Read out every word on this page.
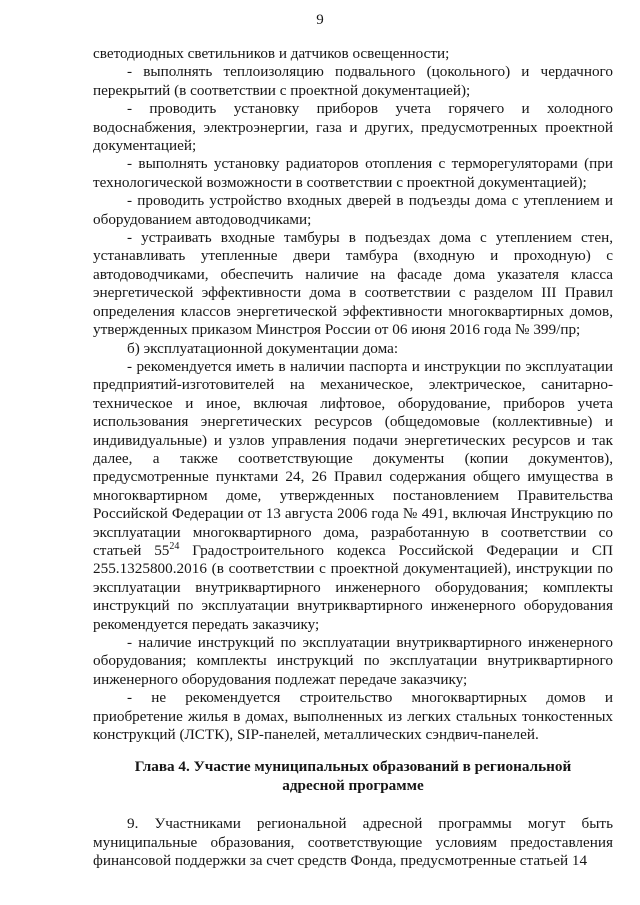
9

светодиодных светильников и датчиков освещенности;

- выполнять теплоизоляцию подвального (цокольного) и чердачного перекрытий (в соответствии с проектной документацией);

- проводить установку приборов учета горячего и холодного водоснабжения, электроэнергии, газа и других, предусмотренных проектной документацией;

- выполнять установку радиаторов отопления с терморегуляторами (при технологической возможности в соответствии с проектной документацией);

- проводить устройство входных дверей в подъезды дома с утеплением и оборудованием автодоводчиками;

- устраивать входные тамбуры в подъездах дома с утеплением стен, устанавливать утепленные двери тамбура (входную и проходную) с автодоводчиками, обеспечить наличие на фасаде дома указателя класса энергетической эффективности дома в соответствии с разделом III Правил определения классов энергетической эффективности многоквартирных домов, утвержденных приказом Минстроя России от 06 июня 2016 года № 399/пр;

б) эксплуатационной документации дома:

- рекомендуется иметь в наличии паспорта и инструкции по эксплуатации предприятий-изготовителей на механическое, электрическое, санитарно-техническое и иное, включая лифтовое, оборудование, приборов учета использования энергетических ресурсов (общедомовые (коллективные) и индивидуальные) и узлов управления подачи энергетических ресурсов и так далее, а также соответствующие документы (копии документов), предусмотренные пунктами 24, 26 Правил содержания общего имущества в многоквартирном доме, утвержденных постановлением Правительства Российской Федерации от 13 августа 2006 года № 491, включая Инструкцию по эксплуатации многоквартирного дома, разработанную в соответствии со статьей $55^{24}$ Градостроительного кодекса Российской Федерации и СП 255.1325800.2016 (в соответствии с проектной документацией), инструкции по эксплуатации внутриквартирного инженерного оборудования; комплекты инструкций по эксплуатации внутриквартирного инженерного оборудования рекомендуется передать заказчику;

- наличие инструкций по эксплуатации внутриквартирного инженерного оборудования; комплекты инструкций по эксплуатации внутриквартирного инженерного оборудования подлежат передаче заказчику;

- не рекомендуется строительство многоквартирных домов и приобретение жилья в домах, выполненных из легких стальных тонкостенных конструкций (ЛСТК), SIP-панелей, металлических сэндвич-панелей.

Глава 4. Участие муниципальных образований в региональной
адресной программе

9. Участниками региональной адресной программы могут быть муниципальные образования, соответствующие условиям предоставления финансовой поддержки за счет средств Фонда, предусмотренные статьей 14
